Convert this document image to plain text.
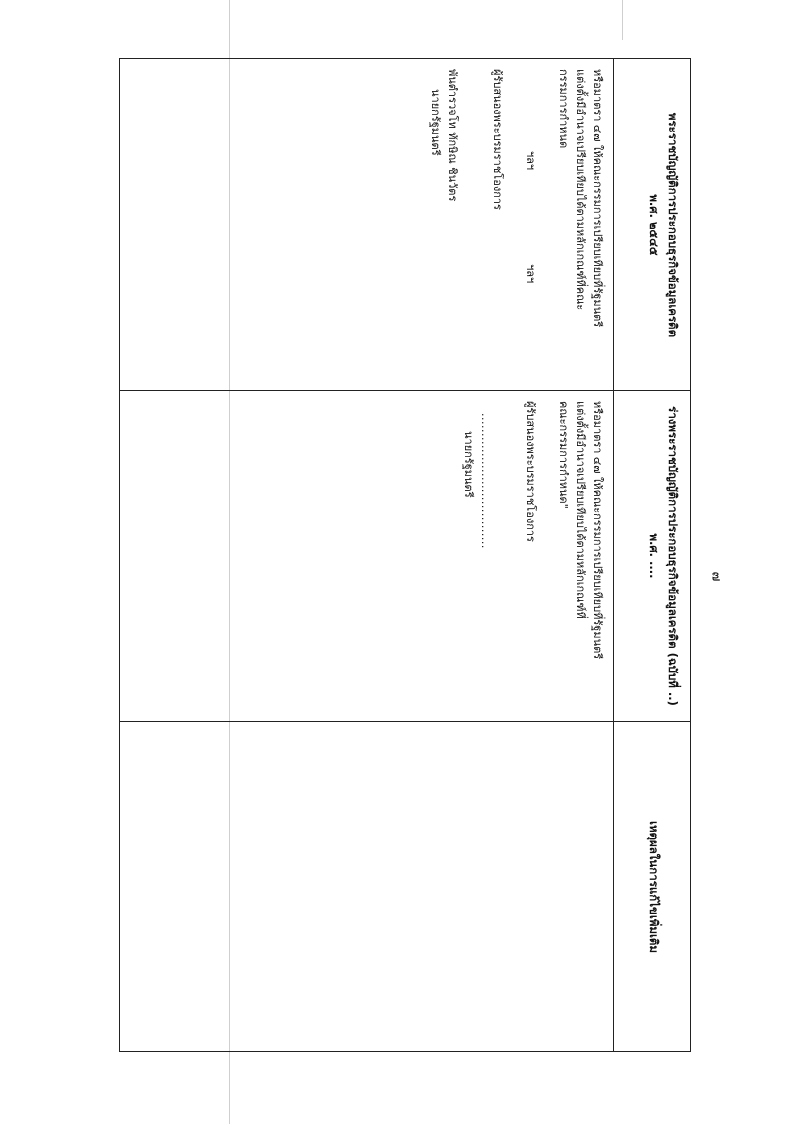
๗
พระราชบัญญัติการประกอบธุรกิจข้อมูลเครดิต
พ.ศ. ๒๕๔๕
ร่างพระราชบัญญัติการประกอบธุรกิจข้อมูลเครดิต (ฉบับที่ ..)
พ.ศ. ....
เหตุผลในการแก้ไขเพิ่มเติม

หรือมาตรา ๔๗ ให้คณะกรรมการเปรียบเทียบที่รัฐมนตรี

แต่งตั้งมีอำนาจเปรียบเทียบได้ตามหลักเกณฑ์ที่คณะ

กรรมการกำหนด

ฯลฯ
ฯลฯ

ผู้รับสนองพระบรมราชโองการ

พันตำรวจโท ทักษิณ ชินวัตร

นายกรัฐมนตรี

หรือมาตรา ๔๗ ให้คณะกรรมการเปรียบเทียบที่รัฐมนตรี

แต่งตั้งมีอำนาจเปรียบเทียบได้ตามหลักเกณฑ์ที่

คณะกรรมการกำหนด"

ผู้รับสนองพระบรมราชโองการ

..................................

นายกรัฐมนตรี
